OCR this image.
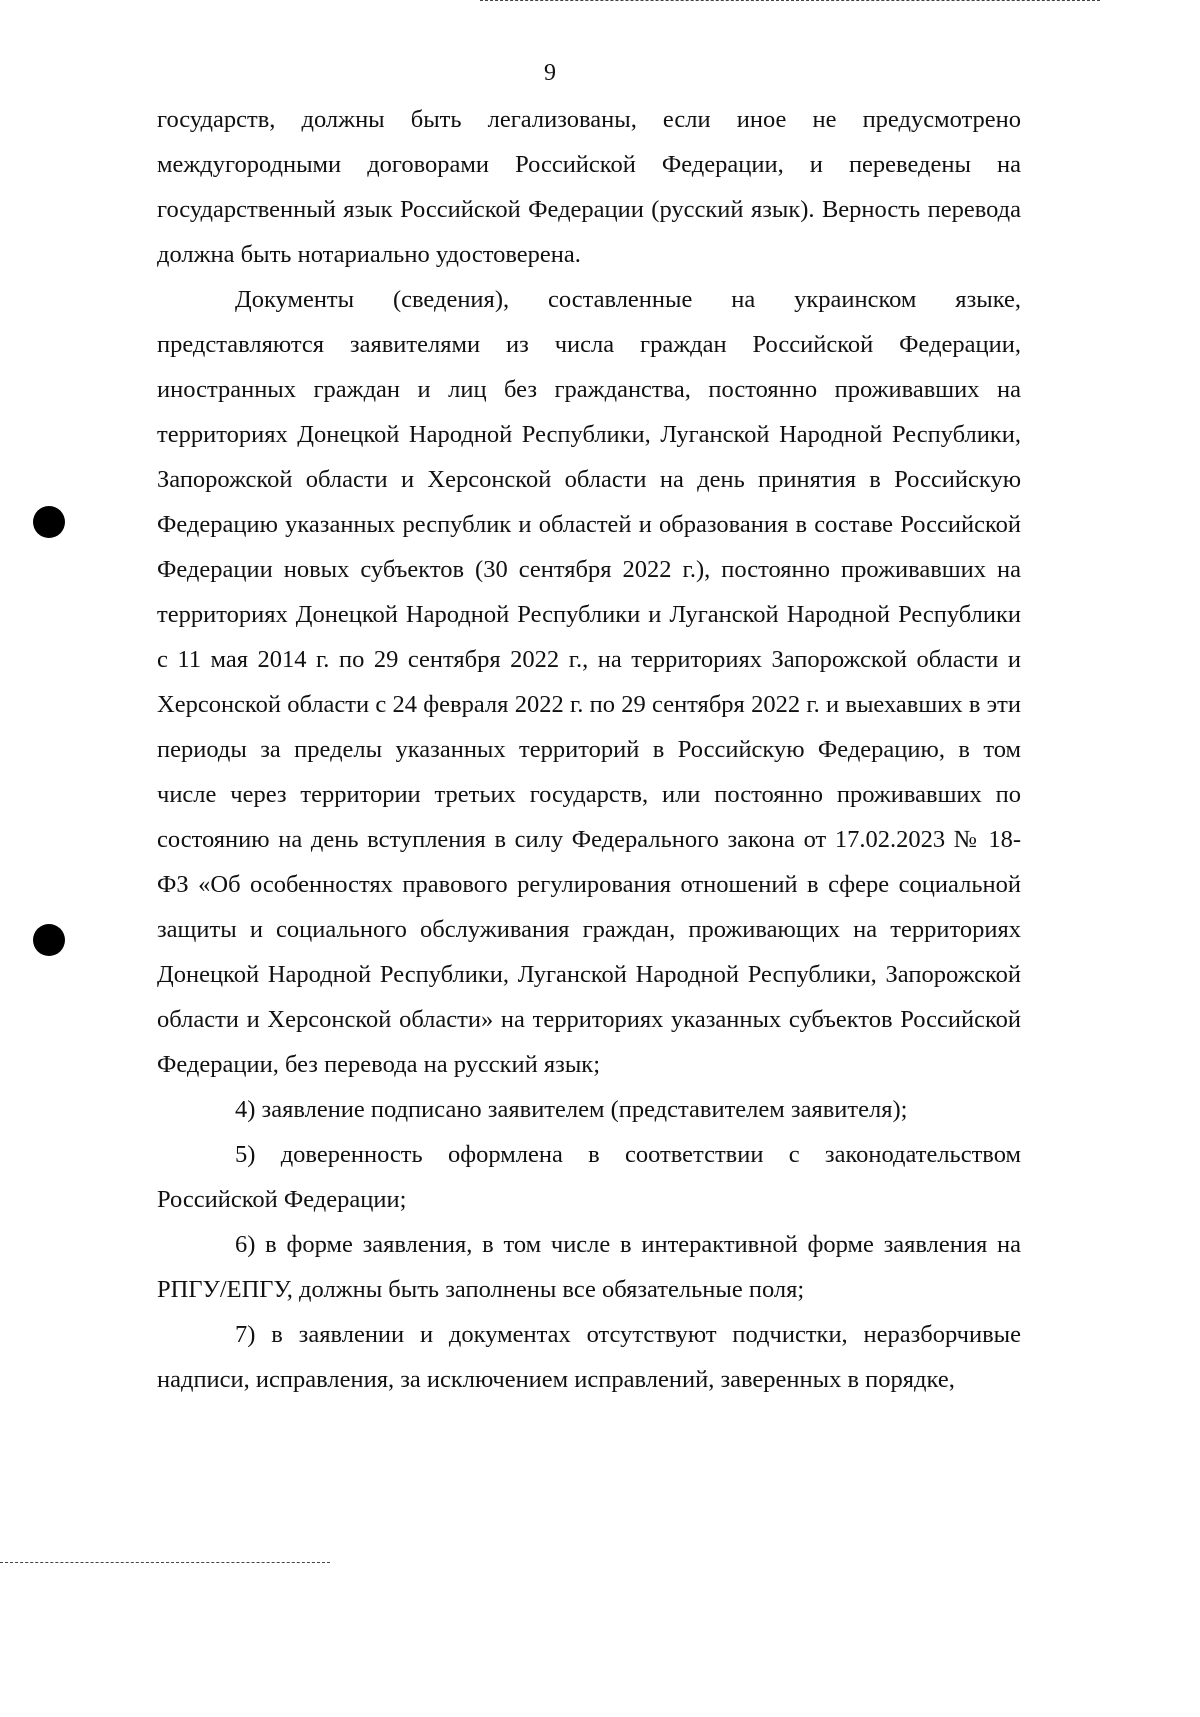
9

государств, должны быть легализованы, если иное не предусмотрено междугородными договорами Российской Федерации, и переведены на государственный язык Российской Федерации (русский язык). Верность перевода должна быть нотариально удостоверена.

Документы (сведения), составленные на украинском языке, представляются заявителями из числа граждан Российской Федерации, иностранных граждан и лиц без гражданства, постоянно проживавших на территориях Донецкой Народной Республики, Луганской Народной Республики, Запорожской области и Херсонской области на день принятия в Российскую Федерацию указанных республик и областей и образования в составе Российской Федерации новых субъектов (30 сентября 2022 г.), постоянно проживавших на территориях Донецкой Народной Республики и Луганской Народной Республики с 11 мая 2014 г. по 29 сентября 2022 г., на территориях Запорожской области и Херсонской области с 24 февраля 2022 г. по 29 сентября 2022 г. и выехавших в эти периоды за пределы указанных территорий в Российскую Федерацию, в том числе через территории третьих государств, или постоянно проживавших по состоянию на день вступления в силу Федерального закона от 17.02.2023 № 18-ФЗ «Об особенностях правового регулирования отношений в сфере социальной защиты и социального обслуживания граждан, проживающих на территориях Донецкой Народной Республики, Луганской Народной Республики, Запорожской области и Херсонской области» на территориях указанных субъектов Российской Федерации, без перевода на русский язык;

4) заявление подписано заявителем (представителем заявителя);

5) доверенность оформлена в соответствии с законодательством Российской Федерации;

6) в форме заявления, в том числе в интерактивной форме заявления на РПГУ/ЕПГУ, должны быть заполнены все обязательные поля;

7) в заявлении и документах отсутствуют подчистки, неразборчивые надписи, исправления, за исключением исправлений, заверенных в порядке,
